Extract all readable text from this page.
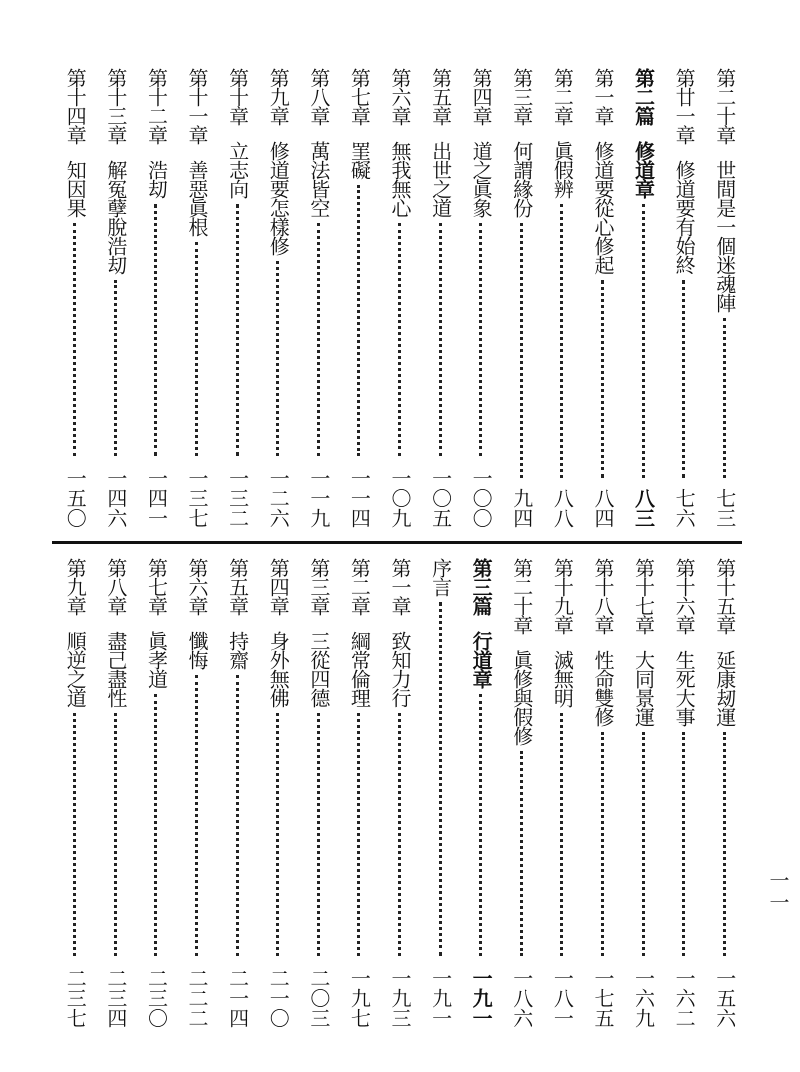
第二十章世間是一個迷魂陣
七三
第廿一章修道要有始終
七六
第二篇修道章
八三
第一章修道要從心修起
八四
第二章眞假辨
八八
第三章何謂緣份
九四
第四章道之眞象
一〇〇
第五章出世之道
一〇五
第六章無我無心
一〇九
第七章罣礙
一一四
第八章萬法皆空
一一九
第九章修道要怎樣修
一二六
第十章立志向
一三二
第十一章善惡眞根
一三七
第十二章浩刧
一四一
第十三章解冤孽脫浩刧
一四六
第十四章知因果
一五〇
第十五章延康刼運
一五六
第十六章生死大事
一六二
第十七章大同景運
一六九
第十八章性命雙修
一七五
第十九章滅無明
一八一
第二十章眞修與假修
一八六
第三篇行道章
一九一
序言
一九一
第一章致知力行
一九三
第二章綱常倫理
一九七
第三章三從四德
二〇三
第四章身外無佛
二一〇
第五章持齋
二一四
第六章懺悔
二二二
第七章眞孝道
二三〇
第八章盡己盡性
二三四
第九章順逆之道
二三七
一一
